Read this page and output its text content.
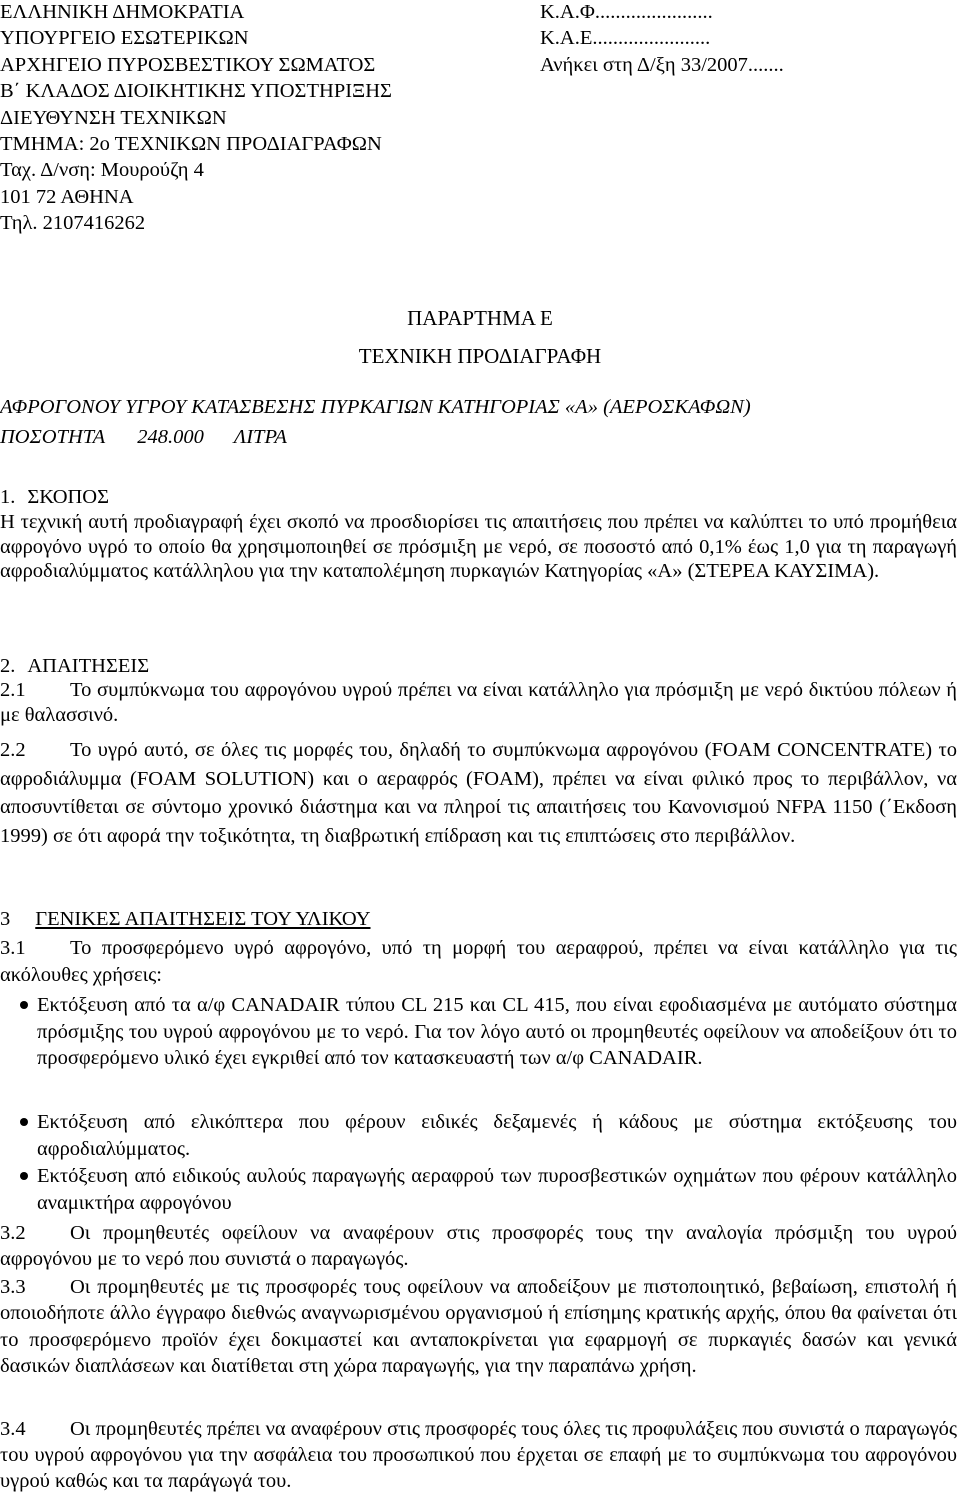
ΕΛΛΗΝΙΚΗ ΔΗΜΟΚΡΑΤΙΑ
ΥΠΟΥΡΓΕΙΟ ΕΣΩΤΕΡΙΚΩΝ
ΑΡΧΗΓΕΙΟ ΠΥΡΟΣΒΕΣΤΙΚΟΥ ΣΩΜΑΤΟΣ
Β΄ ΚΛΑΔΟΣ ΔΙΟΙΚΗΤΙΚΗΣ ΥΠΟΣΤΗΡΙΞΗΣ
ΔΙΕΥΘΥΝΣΗ ΤΕΧΝΙΚΩΝ
ΤΜΗΜΑ: 2ο ΤΕΧΝΙΚΩΝ ΠΡΟΔΙΑΓΡΑΦΩΝ
Ταχ. Δ/νση: Μουρούζη 4
101 72 ΑΘΗΝΑ
Τηλ. 2107416262
Κ.Α.Φ.......................
Κ.Α.Ε.......................
Ανήκει στη Δ/ξη 33/2007.......
ΠΑΡΑΡΤΗΜΑ Ε
ΤΕΧΝΙΚΗ ΠΡΟΔΙΑΓΡΑΦΗ
ΑΦΡΟΓΟΝΟΥ ΥΓΡΟΥ ΚΑΤΑΣΒΕΣΗΣ ΠΥΡΚΑΓΙΩΝ ΚΑΤΗΓΟΡΙΑΣ «Α» (ΑΕΡΟΣΚΑΦΩΝ)
ΠΟΣΟΤΗΤΑ 248.000 ΛΙΤΡΑ
1. ΣΚΟΠΟΣ
Η τεχνική αυτή προδιαγραφή έχει σκοπό να προσδιορίσει τις απαιτήσεις που πρέπει να καλύπτει το υπό προμήθεια αφρογόνο υγρό το οποίο θα χρησιμοποιηθεί σε πρόσμιξη με νερό, σε ποσοστό από 0,1% έως 1,0 για τη παραγωγή αφροδιαλύμματος κατάλληλου για την καταπολέμηση πυρκαγιών Κατηγορίας «Α» (ΣΤΕΡΕΑ ΚΑΥΣΙΜΑ).
2. ΑΠΑΙΤΗΣΕΙΣ
2.1 Το συμπύκνωμα του αφρογόνου υγρού πρέπει να είναι κατάλληλο για πρόσμιξη με νερό δικτύου πόλεων ή με θαλασσινό.
2.2 Το υγρό αυτό, σε όλες τις μορφές του, δηλαδή το συμπύκνωμα αφρογόνου (FOAM CONCENTRATE) το αφροδιάλυμμα (FOAM SOLUTION) και ο αεραφρός (FOAM), πρέπει να είναι φιλικό προς το περιβάλλον, να αποσυντίθεται σε σύντομο χρονικό διάστημα και να πληροί τις απαιτήσεις του Κανονισμού NFPA 1150 (΄Εκδοση 1999) σε ότι αφορά την τοξικότητα, τη διαβρωτική επίδραση και τις επιπτώσεις στο περιβάλλον.
3 ΓΕΝΙΚΕΣ ΑΠΑΙΤΗΣΕΙΣ ΤΟΥ ΥΛΙΚΟΥ
3.1 Το προσφερόμενο υγρό αφρογόνο, υπό τη μορφή του αεραφρού, πρέπει να είναι κατάλληλο για τις ακόλουθες χρήσεις:
Εκτόξευση από τα α/φ CANADAIR τύπου CL 215 και CL 415, που είναι εφοδιασμένα με αυτόματο σύστημα πρόσμιξης του υγρού αφρογόνου με το νερό. Για τον λόγο αυτό οι προμηθευτές οφείλουν να αποδείξουν ότι το προσφερόμενο υλικό έχει εγκριθεί από τον κατασκευαστή των α/φ CANADAIR.
Εκτόξευση από ελικόπτερα που φέρουν ειδικές δεξαμενές ή κάδους με σύστημα εκτόξευσης του αφροδιαλύμματος.
Εκτόξευση από ειδικούς αυλούς παραγωγής αεραφρού των πυροσβεστικών οχημάτων που φέρουν κατάλληλο αναμικτήρα αφρογόνου
3.2 Οι προμηθευτές οφείλουν να αναφέρουν στις προσφορές τους την αναλογία πρόσμιξη του υγρού αφρογόνου με το νερό που συνιστά ο παραγωγός.
3.3 Οι προμηθευτές με τις προσφορές τους οφείλουν να αποδείξουν με πιστοποιητικό, βεβαίωση, επιστολή ή οποιοδήποτε άλλο έγγραφο διεθνώς αναγνωρισμένου οργανισμού ή επίσημης κρατικής αρχής, όπου θα φαίνεται ότι το προσφερόμενο προϊόν έχει δοκιμαστεί και ανταποκρίνεται για εφαρμογή σε πυρκαγιές δασών και γενικά δασικών διαπλάσεων και διατίθεται στη χώρα παραγωγής, για την παραπάνω χρήση.
3.4 Οι προμηθευτές πρέπει να αναφέρουν στις προσφορές τους όλες τις προφυλάξεις που συνιστά ο παραγωγός του υγρού αφρογόνου για την ασφάλεια του προσωπικού που έρχεται σε επαφή με το συμπύκνωμα του αφρογόνου υγρού καθώς και τα παράγωγά του.
